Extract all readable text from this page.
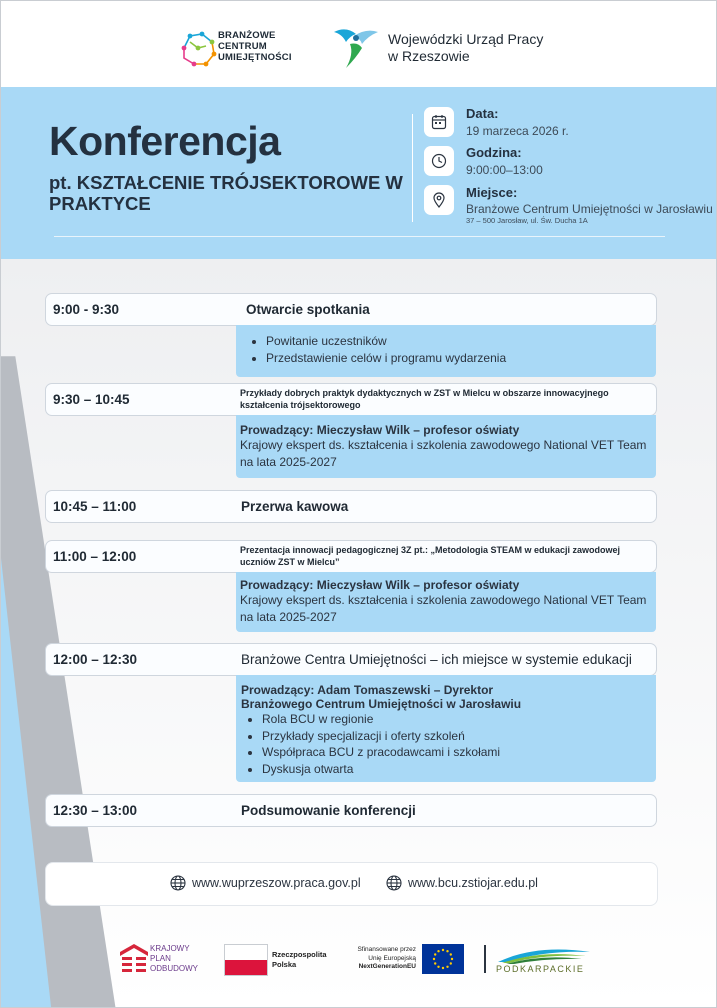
BRANŻOWE
CENTRUM
UMIEJĘTNOŚCI
Wojewódzki Urząd Pracy
w Rzeszowie
Konferencja
pt. KSZTAŁCENIE TRÓJSEKTOROWE W PRAKTYCE
Data:
19 marzeca 2026 r.
Godzina:
9:00:00–13:00
Miejsce:
Branżowe Centrum Umiejętności w Jarosławiu
37 – 500 Jarosław, ul. Św. Ducha 1A
9:00 - 9:30	Otwarcie spotkania
• Powitanie uczestników
• Przedstawienie celów i programu wydarzenia
9:30 – 10:45	Przykłady dobrych praktyk dydaktycznych w ZST w Mielcu w obszarze innowacyjnego kształcenia trójsektorowego
Prowadzący: Mieczysław Wilk – profesor oświaty
Krajowy ekspert ds. kształcenia i szkolenia zawodowego National VET Team na lata 2025-2027
10:45 – 11:00	Przerwa kawowa
11:00 – 12:00	Prezentacja innowacji pedagogicznej 3Z pt.: „Metodologia STEAM w edukacji zawodowej uczniów ZST w Mielcu”
Prowadzący: Mieczysław Wilk – profesor oświaty
Krajowy ekspert ds. kształcenia i szkolenia zawodowego National VET Team na lata 2025-2027
12:00 – 12:30	Branżowe Centra Umiejętności – ich miejsce w systemie edukacji
Prowadzący: Adam Tomaszewski – Dyrektor
Branżowego Centrum Umiejętności w Jarosławiu
• Rola BCU w regionie
• Przykłady specjalizacji i oferty szkoleń
• Współpraca BCU z pracodawcami i szkołami
• Dyskusja otwarta
12:30 – 13:00	Podsumowanie konferencji
www.wuprzeszow.praca.gov.pl	www.bcu.zstiojar.edu.pl
KRAJOWY
PLAN
ODBUDOWY
Rzeczpospolita
Polska
Sfinansowane przez
Unię Europejską
NextGenerationEU	PODKARPACKIE
